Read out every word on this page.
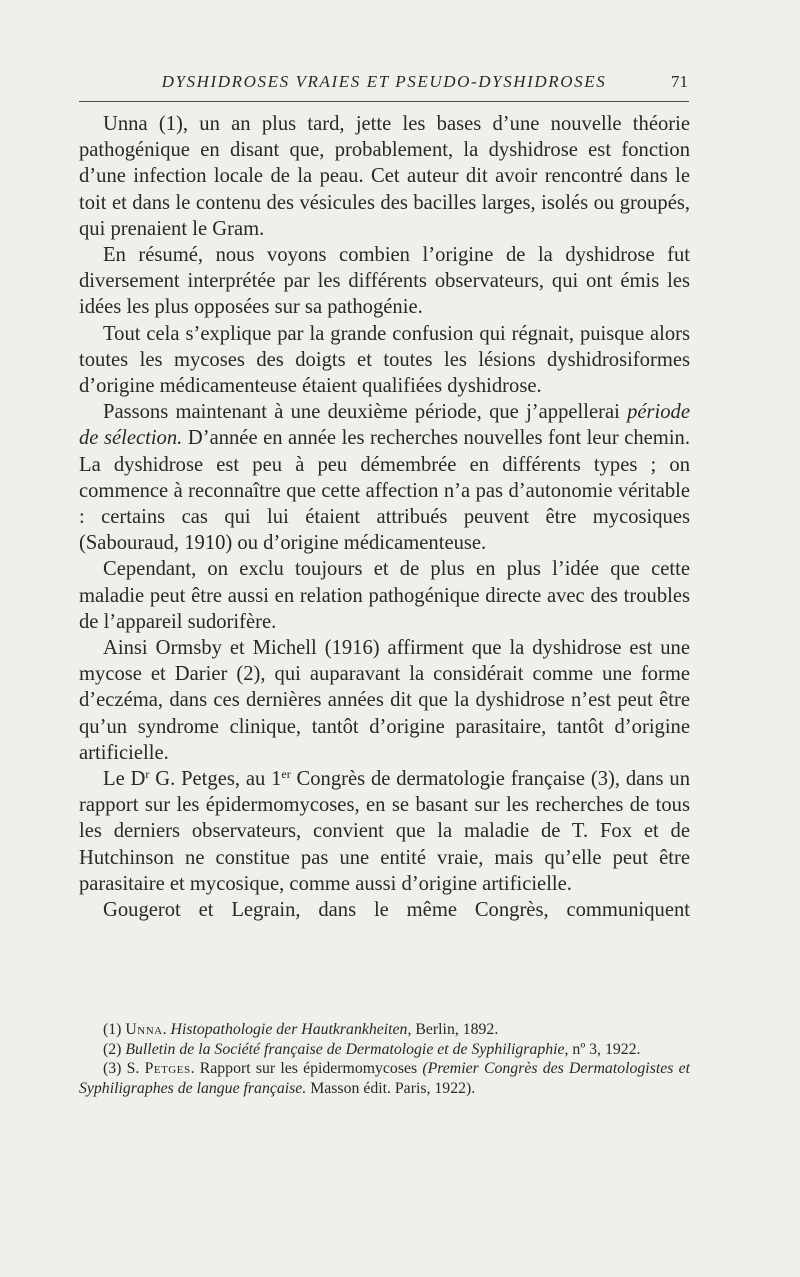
DYSHIDROSES VRAIES ET PSEUDO-DYSHIDROSES	71

Unna (1), un an plus tard, jette les bases d’une nouvelle théorie pathogénique en disant que, probablement, la dyshidrose est fonction d’une infection locale de la peau. Cet auteur dit avoir rencontré dans le toit et dans le contenu des vésicules des bacilles larges, isolés ou groupés, qui prenaient le Gram.

En résumé, nous voyons combien l’origine de la dyshidrose fut diversement interprétée par les différents observateurs, qui ont émis les idées les plus opposées sur sa pathogénie.

Tout cela s’explique par la grande confusion qui régnait, puisque alors toutes les mycoses des doigts et toutes les lésions dyshidrosiformes d’origine médicamenteuse étaient qualifiées dyshidrose.

Passons maintenant à une deuxième période, que j’appellerai période de sélection. D’année en année les recherches nouvelles font leur chemin. La dyshidrose est peu à peu démembrée en différents types ; on commence à reconnaître que cette affection n’a pas d’autonomie véritable : certains cas qui lui étaient attribués peuvent être mycosiques (Sabouraud, 1910) ou d’origine médicamenteuse.

Cependant, on exclu toujours et de plus en plus l’idée que cette maladie peut être aussi en relation pathogénique directe avec des troubles de l’appareil sudorifère.

Ainsi Ormsby et Michell (1916) affirment que la dyshidrose est une mycose et Darier (2), qui auparavant la considérait comme une forme d’eczéma, dans ces dernières années dit que la dyshidrose n’est peut être qu’un syndrome clinique, tantôt d’origine parasitaire, tantôt d’origine artificielle.

Le $D^r$ G. Petges, au 1er Congrès de dermatologie française (3), dans un rapport sur les épidermomycoses, en se basant sur les recherches de tous les derniers observateurs, convient que la maladie de T. Fox et de Hutchinson ne constitue pas une entité vraie, mais qu’elle peut être parasitaire et mycosique, comme aussi d’origine artificielle.

Gougerot et Legrain, dans le même Congrès, communiquent

(1) Unna. Histopathologie der Hautkrankheiten, Berlin, 1892.

(2) Bulletin de la Société française de Dermatologie et de Syphiligraphie, nº 3, 1922.

(3) S. Petges. Rapport sur les épidermomycoses (Premier Congrès des Dermatologistes et Syphiligraphes de langue française. Masson édit. Paris, 1922).
